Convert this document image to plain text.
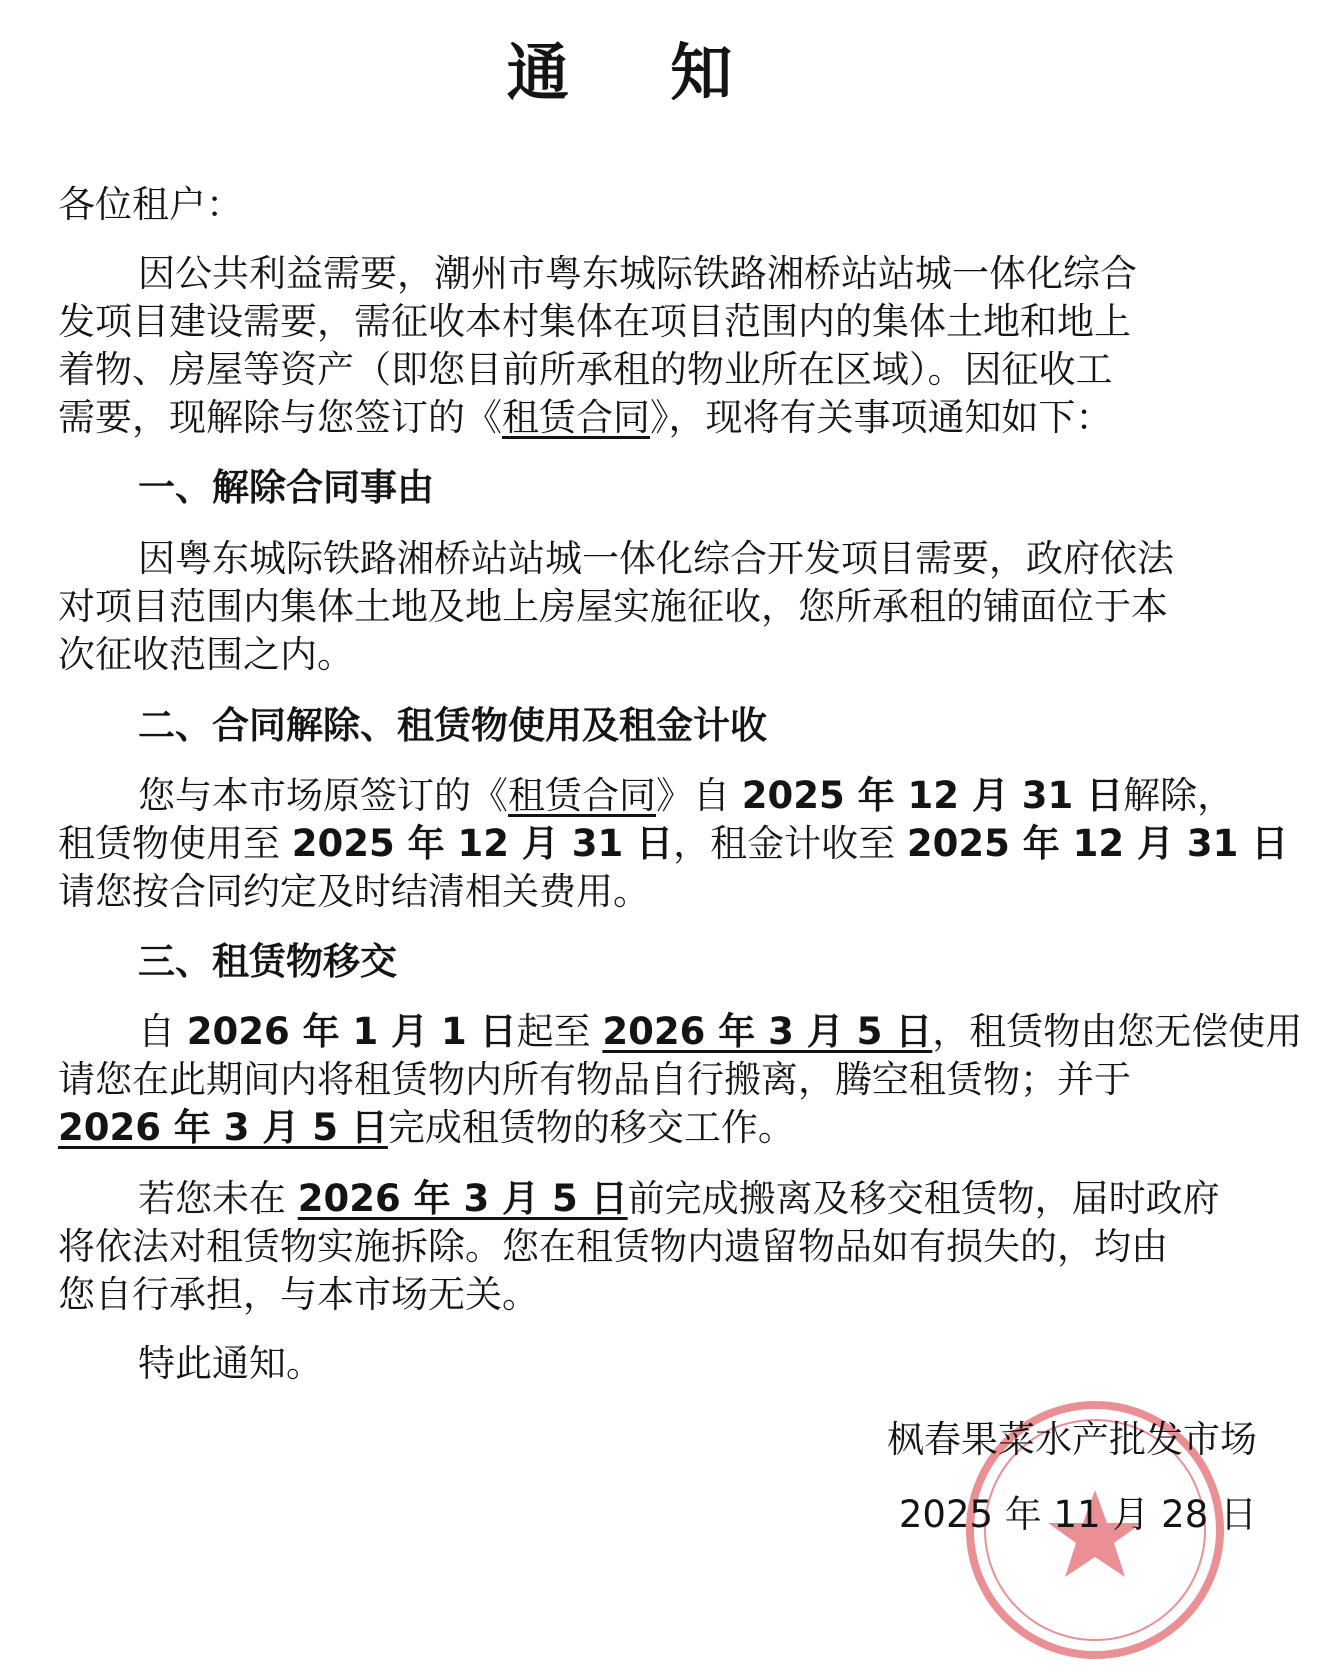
通 知
各位租户：
因公共利益需要，潮州市粤东城际铁路湘桥站站城一体化综合
发项目建设需要，需征收本村集体在项目范围内的集体土地和地上
着物、房屋等资产（即您目前所承租的物业所在区域）。因征收工
需要，现解除与您签订的《租赁合同》，现将有关事项通知如下：
一、解除合同事由
因粤东城际铁路湘桥站站城一体化综合开发项目需要，政府依法
对项目范围内集体土地及地上房屋实施征收，您所承租的铺面位于本
次征收范围之内。
二、合同解除、租赁物使用及租金计收
您与本市场原签订的《租赁合同》自 2025 年 12 月 31 日解除，
租赁物使用至 2025 年 12 月 31 日，租金计收至 2025 年 12 月 31 日
请您按合同约定及时结清相关费用。
三、租赁物移交
自 2026 年 1 月 1 日起至 2026 年 3 月 5 日，租赁物由您无偿使用
请您在此期间内将租赁物内所有物品自行搬离，腾空租赁物；并于
2026 年 3 月 5 日完成租赁物的移交工作。
若您未在 2026 年 3 月 5 日前完成搬离及移交租赁物，届时政府
将依法对租赁物实施拆除。您在租赁物内遗留物品如有损失的，均由
您自行承担，与本市场无关。
特此通知。
枫春果菜水产批发市场
2025 年 11 月 28 日
